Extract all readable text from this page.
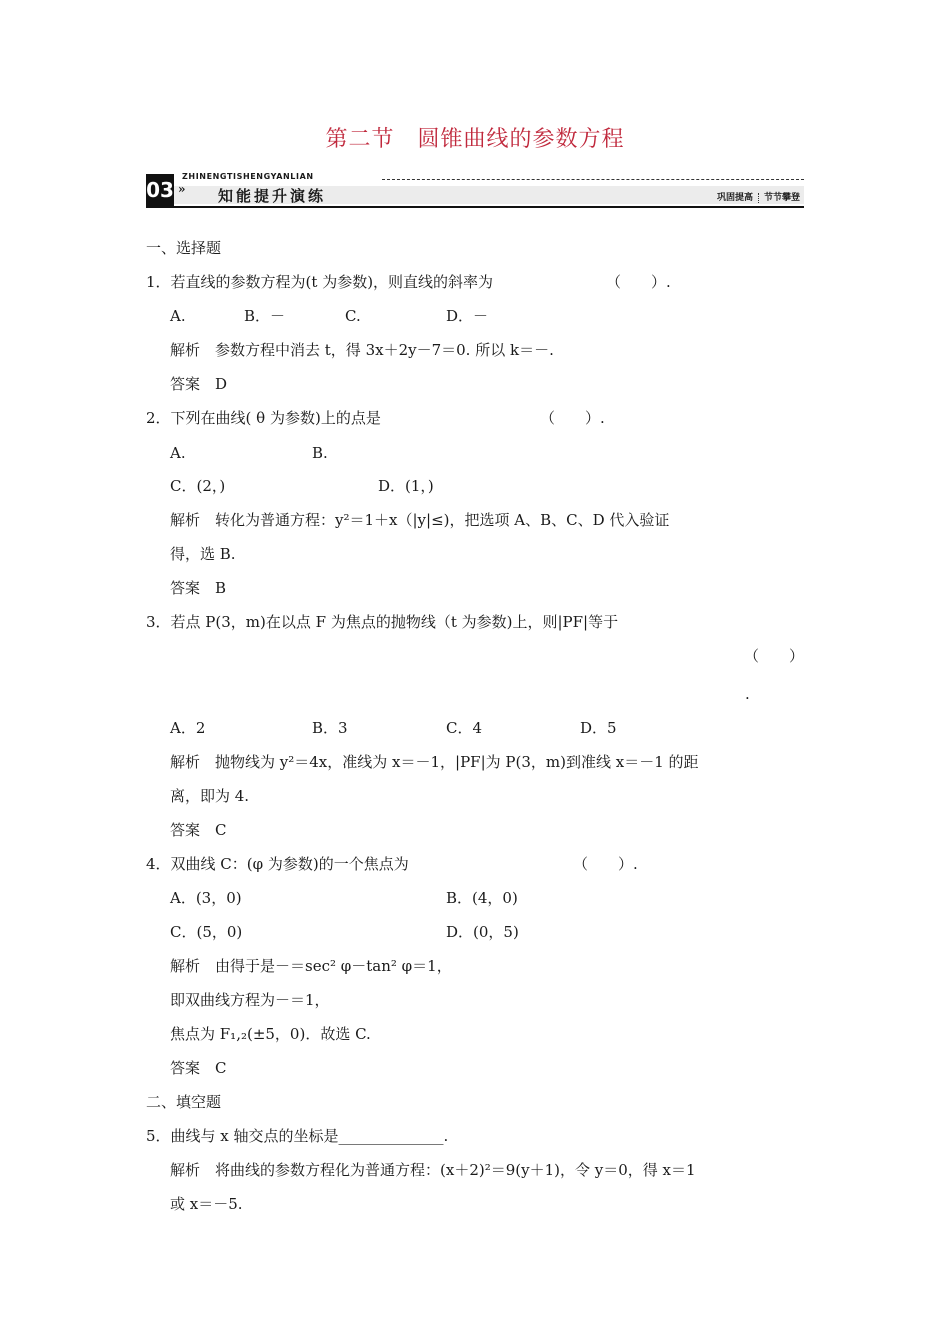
第二节　圆锥曲线的参数方程
ZHINENGTISHENGYANLIAN
03 » 知能提升演练	巩固提高 节节攀登
一、选择题
1．若直线的参数方程为(t 为参数)，则直线的斜率为	（　　）.
A.	B．－	C.	D．－
解析　参数方程中消去 t，得 3x＋2y－7＝0. 所以 k＝－.
答案　D
2．下列在曲线( θ 为参数)上的点是	（　　）.
A.	B.
C．(2，)	D．(1，)
解析　转化为普通方程：y²＝1＋x（|y|≤)，把选项 A、B、C、D 代入验证
得，选 B.
答案　B
3．若点 P(3，m)在以点 F 为焦点的抛物线（t 为参数)上，则|PF|等于
（　　）
.
A．2	B．3	C．4	D．5
解析　抛物线为 y²＝4x，准线为 x＝－1，|PF|为 P(3，m)到准线 x＝－1 的距
离，即为 4.
答案　C
4．双曲线 C：(φ 为参数)的一个焦点为	（　　）.
A．(3，0)	B．(4，0)
C．(5，0)	D．(0，5)
解析　由得于是－＝sec² φ－tan² φ＝1，
即双曲线方程为－＝1，
焦点为 F₁,₂(±5，0)．故选 C.
答案　C
二、填空题
5．曲线与 x 轴交点的坐标是______________.
解析　将曲线的参数方程化为普通方程：(x＋2)²＝9(y＋1)，令 y＝0，得 x＝1
或 x＝－5.
